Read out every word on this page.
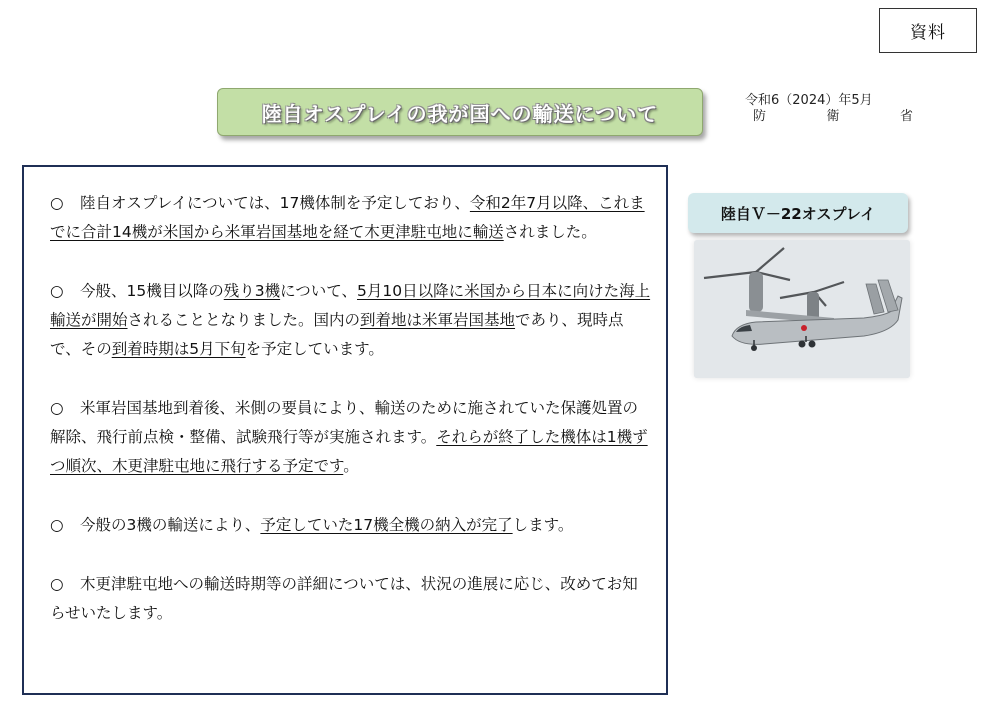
資料
陸自オスプレイの我が国への輸送について
令和6（2024）年5月
防	衛	省
○ 陸自オスプレイについては、17機体制を予定しており、令和2年7月以降、これまでに合計14機が米国から米軍岩国基地を経て木更津駐屯地に輸送されました。
○ 今般、15機目以降の残り3機について、5月10日以降に米国から日本に向けた海上輸送が開始されることとなりました。国内の到着地は米軍岩国基地であり、現時点で、その到着時期は5月下旬を予定しています。
○ 米軍岩国基地到着後、米側の要員により、輸送のために施されていた保護処置の解除、飛行前点検・整備、試験飛行等が実施されます。それらが終了した機体は1機ずつ順次、木更津駐屯地に飛行する予定です。
○ 今般の3機の輸送により、予定していた17機全機の納入が完了します。
○ 木更津駐屯地への輸送時期等の詳細については、状況の進展に応じ、改めてお知らせいたします。
陸自Ｖ－22オスプレイ
